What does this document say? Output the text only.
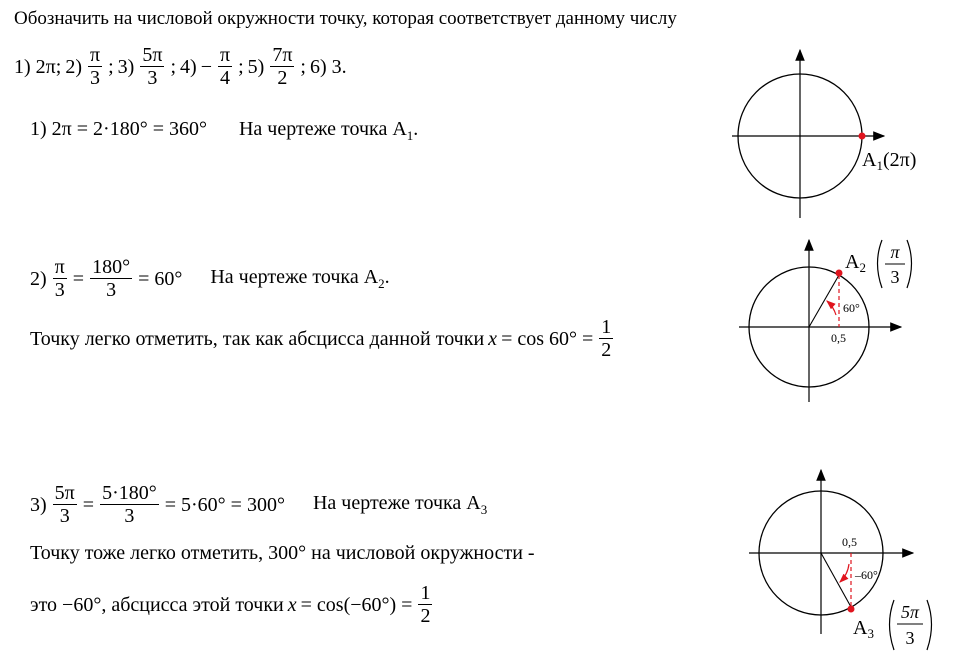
Обозначить на числовой окружности точку, которая соответствует данному числу
1) 2π; $2) \frac{\pi}{3}$ ; $3) \frac{5\pi}{3}$ ; $4) - \frac{\pi}{4}$ ; $5) \frac{7\pi}{2}$ ; 6) 3.
1) 2π = 2·180° = 360° На чертеже точка $А_1$.
$2) \frac{\pi}{3} = \frac{180^\circ}{3} = 60^\circ$ На чертеже точка $А_2$.
Точку легко отметить, так как абсцисса данной точки $x = \cos 60^\circ = \frac{1}{2}$
$3) \frac{5\pi}{3} = \frac{5\cdot 180^\circ}{3} = 5\cdot 60^\circ = 300^\circ$ На чертеже точка $А_3$
Точку тоже легко отметить, 300° на числовой окружности -
это −60°, абсцисса этой точки $x = \cos(-60^\circ) = \frac{1}{2}$
$A_1(2\pi)$
60°
0,5
$A_2$
π
3
0,5
–60°
$A_3$
5π
3
